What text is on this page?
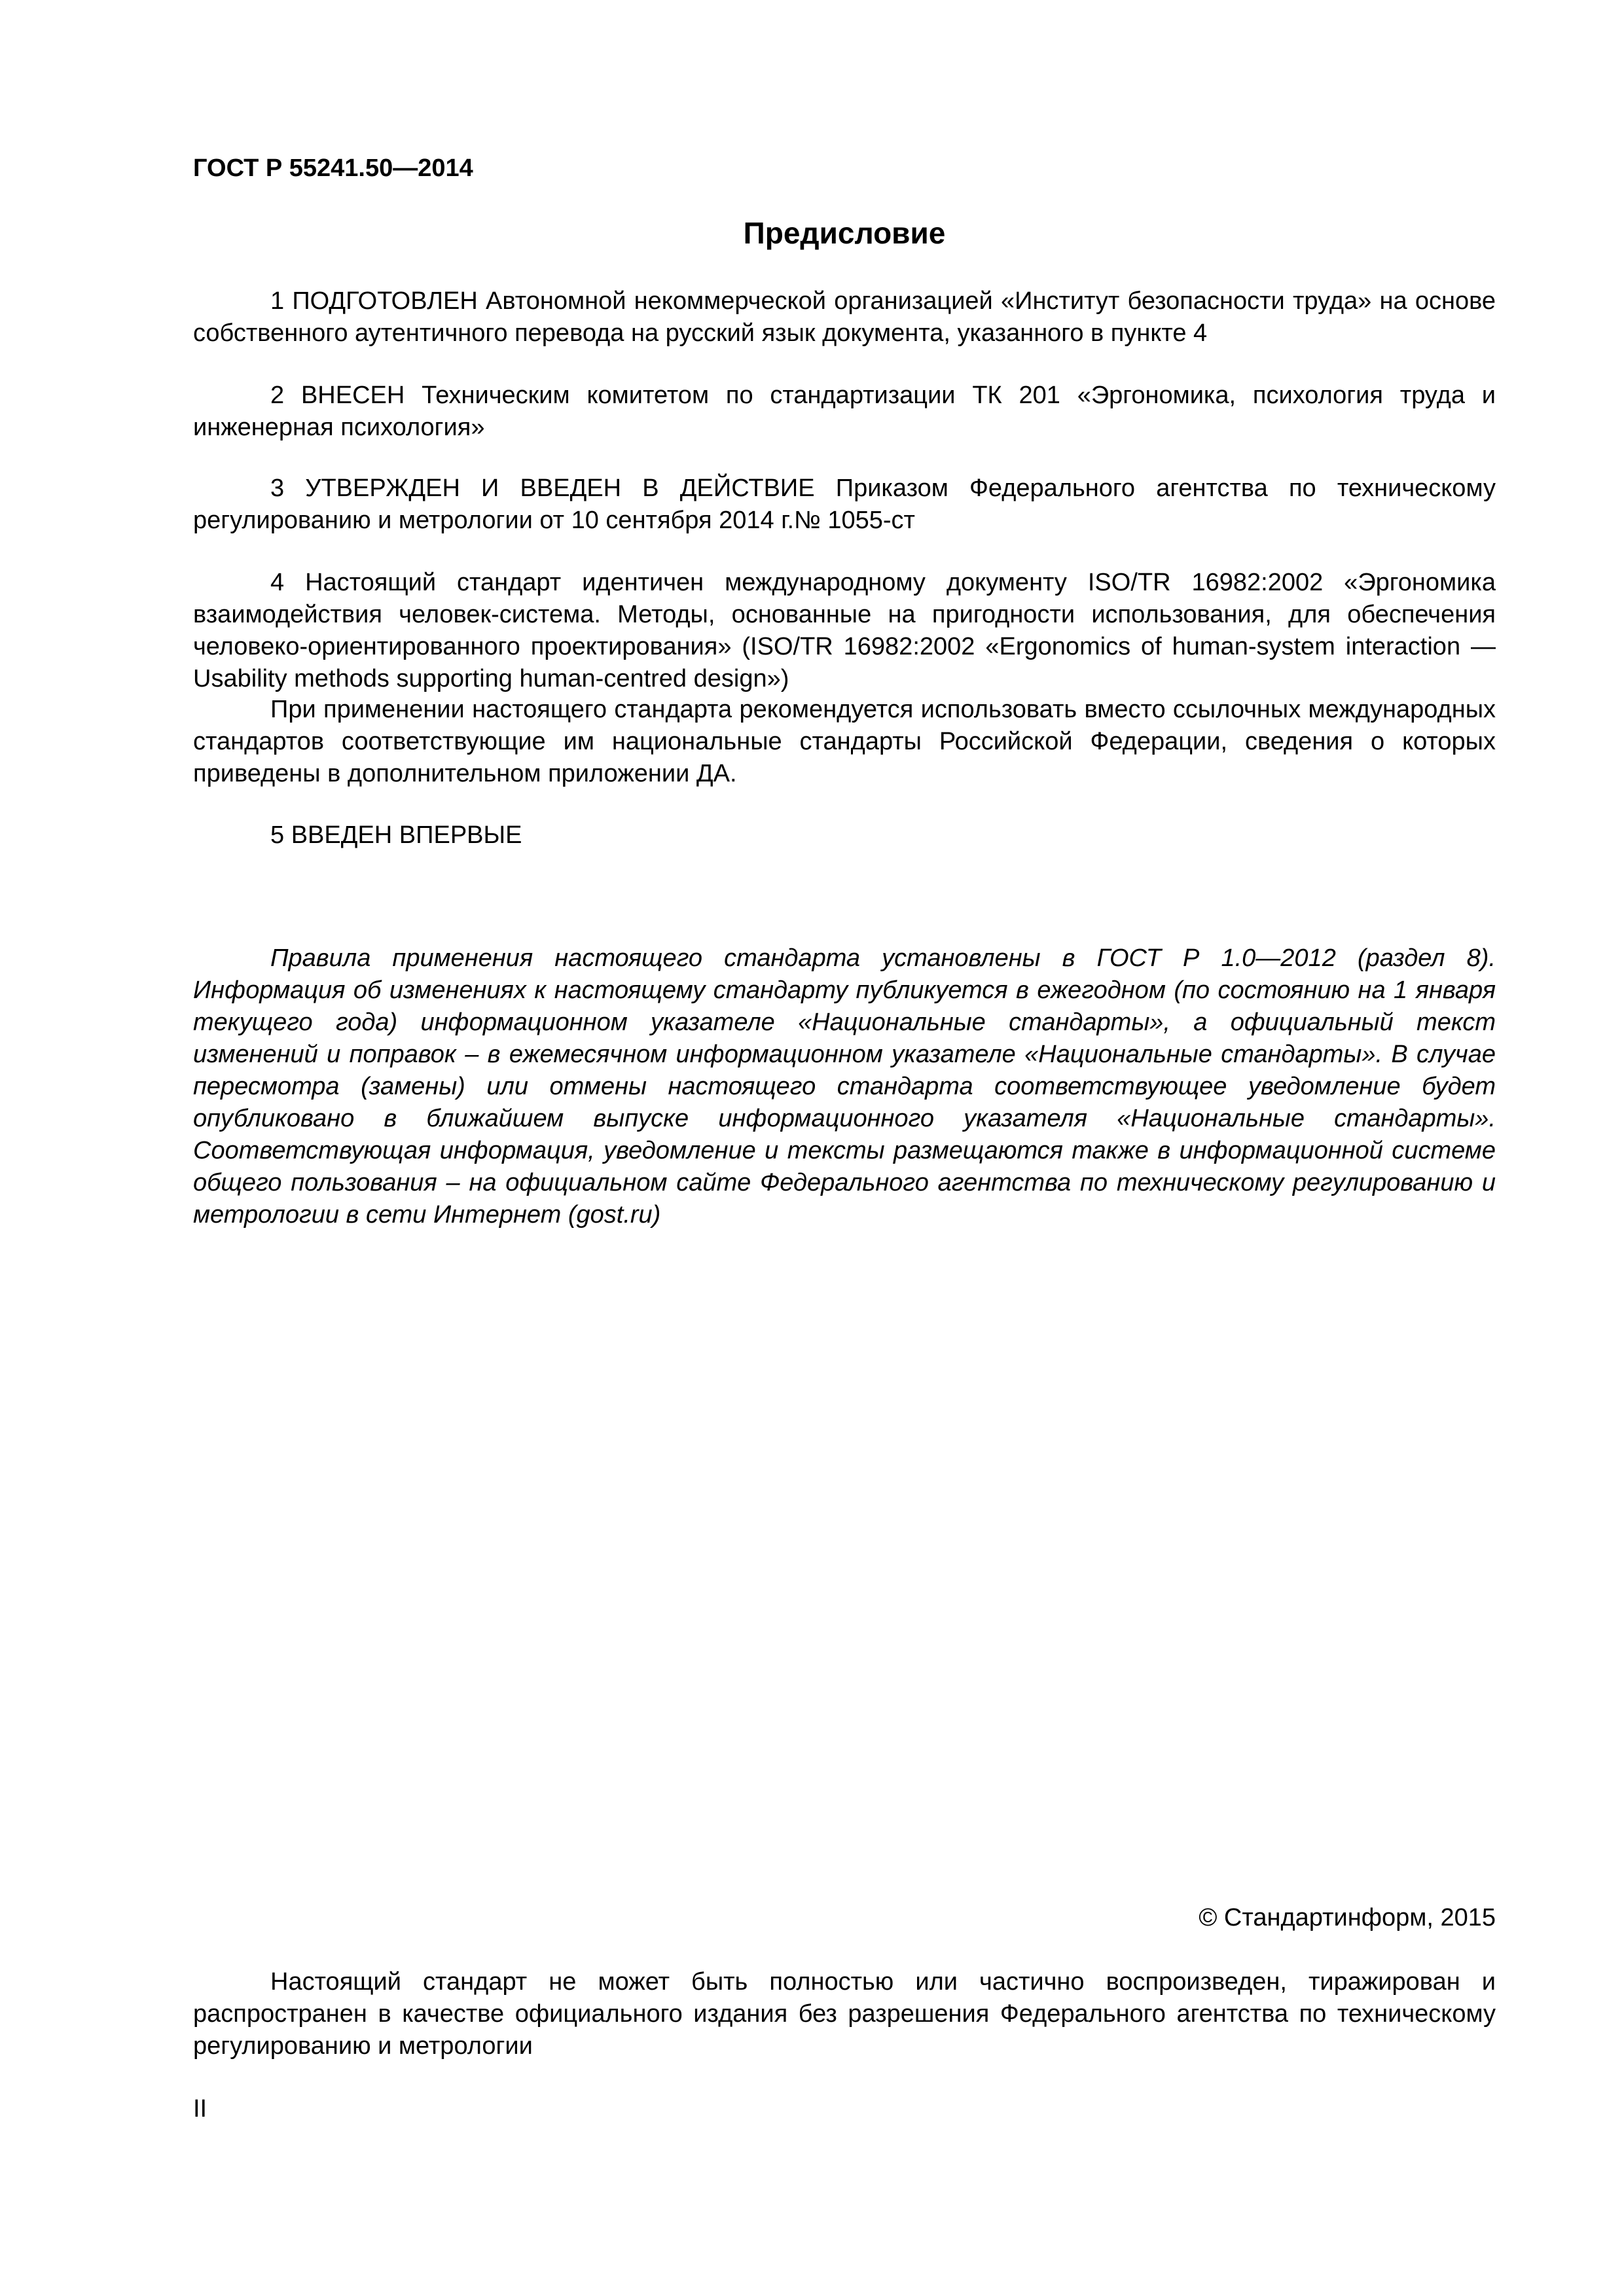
ГОСТ Р 55241.50—2014

Предисловие

1 ПОДГОТОВЛЕН Автономной некоммерческой организацией «Институт безопасности труда» на основе собственного аутентичного перевода на русский язык документа, указанного в пункте 4

2 ВНЕСЕН Техническим комитетом по стандартизации ТК 201 «Эргономика, психология труда и инженерная психология»

3 УТВЕРЖДЕН И ВВЕДЕН В ДЕЙСТВИЕ Приказом Федерального агентства по техническому регулированию и метрологии от 10 сентября 2014 г.№ 1055-ст

4 Настоящий стандарт идентичен международному документу ISO/TR 16982:2002 «Эргономика взаимодействия человек-система. Методы, основанные на пригодности использования, для обеспечения человеко-ориентированного проектирования» (ISO/TR 16982:2002 «Ergonomics of human-system interaction — Usability methods supporting human-centred design»)

При применении настоящего стандарта рекомендуется использовать вместо ссылочных международных стандартов соответствующие им национальные стандарты Российской Федерации, сведения о которых приведены в дополнительном приложении ДА.

5 ВВЕДЕН ВПЕРВЫЕ

Правила применения настоящего стандарта установлены в ГОСТ Р 1.0—2012 (раздел 8). Информация об изменениях к настоящему стандарту публикуется в ежегодном (по состоянию на 1 января текущего года) информационном указателе «Национальные стандарты», а официальный текст изменений и поправок – в ежемесячном информационном указателе «Национальные стандарты». В случае пересмотра (замены) или отмены настоящего стандарта соответствующее уведомление будет опубликовано в ближайшем выпуске информационного указателя «Национальные стандарты». Соответствующая информация, уведомление и тексты размещаются также в информационной системе общего пользования – на официальном сайте Федерального агентства по техническому регулированию и метрологии в сети Интернет (gost.ru)

© Стандартинформ, 2015

Настоящий стандарт не может быть полностью или частично воспроизведен, тиражирован и распространен в качестве официального издания без разрешения Федерального агентства по техническому регулированию и метрологии

II
